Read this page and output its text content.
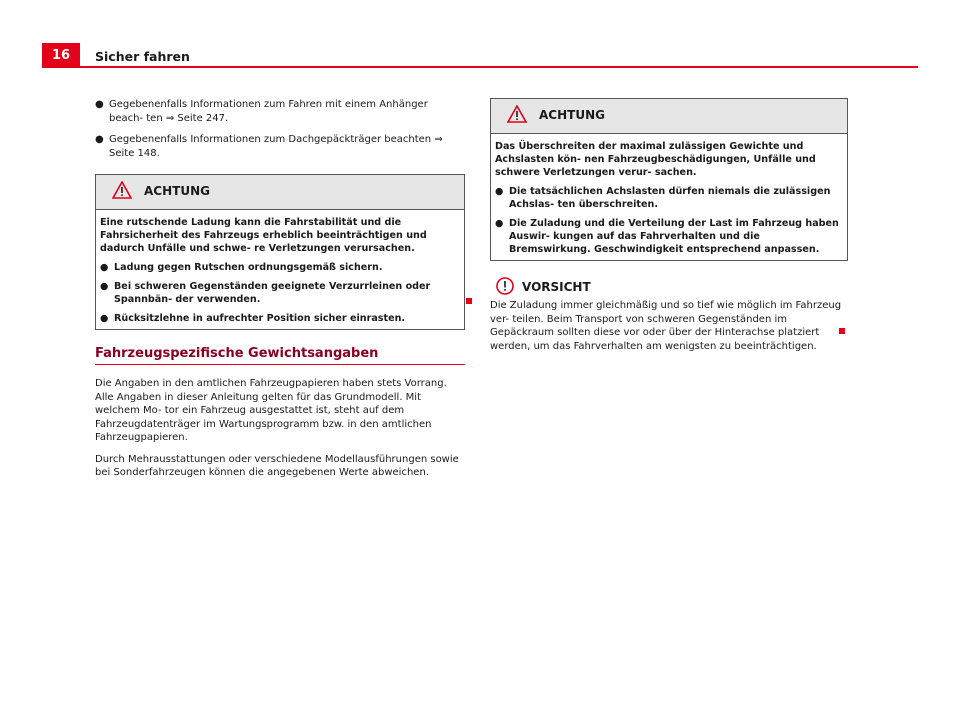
16	Sicher fahren
● Gegebenenfalls Informationen zum Fahren mit einem Anhänger beach- ten ⇒ Seite 247.
● Gegebenenfalls Informationen zum Dachgepäckträger beachten ⇒ Seite 148.
ACHTUNG

Eine rutschende Ladung kann die Fahrstabilität und die Fahrsicherheit des Fahrzeugs erheblich beeinträchtigen und dadurch Unfälle und schwe- re Verletzungen verursachen.

● Ladung gegen Rutschen ordnungsgemäß sichern.
● Bei schweren Gegenständen geeignete Verzurrleinen oder Spannbän- der verwenden.
● Rücksitzlehne in aufrechter Position sicher einrasten.
Fahrzeugspezifische Gewichtsangaben

Die Angaben in den amtlichen Fahrzeugpapieren haben stets Vorrang. Alle Angaben in dieser Anleitung gelten für das Grundmodell. Mit welchem Mo- tor ein Fahrzeug ausgestattet ist, steht auf dem Fahrzeugdatenträger im Wartungsprogramm bzw. in den amtlichen Fahrzeugpapieren.

Durch Mehrausstattungen oder verschiedene Modellausführungen sowie bei Sonderfahrzeugen können die angegebenen Werte abweichen.

ACHTUNG

Das Überschreiten der maximal zulässigen Gewichte und Achslasten kön- nen Fahrzeugbeschädigungen, Unfälle und schwere Verletzungen verur- sachen.

● Die tatsächlichen Achslasten dürfen niemals die zulässigen Achslas- ten überschreiten.
● Die Zuladung und die Verteilung der Last im Fahrzeug haben Auswir- kungen auf das Fahrverhalten und die Bremswirkung. Geschwindigkeit entsprechend anpassen.
VORSICHT

Die Zuladung immer gleichmäßig und so tief wie möglich im Fahrzeug ver- teilen. Beim Transport von schweren Gegenständen im Gepäckraum sollten diese vor oder über der Hinterachse platziert werden, um das Fahrverhalten am wenigsten zu beeinträchtigen.
